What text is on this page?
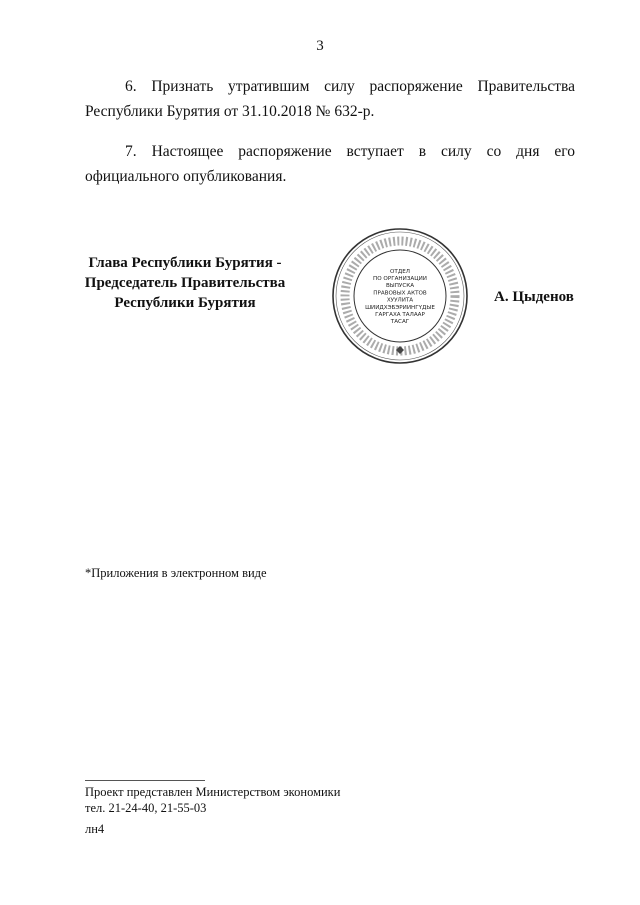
3
6. Признать утратившим силу распоряжение Правительства Республики Бурятия от 31.10.2018 № 632-р.
7. Настоящее распоряжение вступает в силу со дня его официального опубликования.
Глава Республики Бурятия -
Председатель Правительства
Республики Бурятия
ОТДЕЛ
ПО ОРГАНИЗАЦИИ
ВЫПУСКА
ПРАВОВЫХ АКТОВ
ХУУЛИТА
ШИИДХЭБЭРИИНГҮДЫЕ
ГАРГАХА ТАЛААР
ТАСАГ
А. Цыденов
*Приложения в электронном виде
Проект представлен Министерством экономики
тел. 21-24-40, 21-55-03
лн4
